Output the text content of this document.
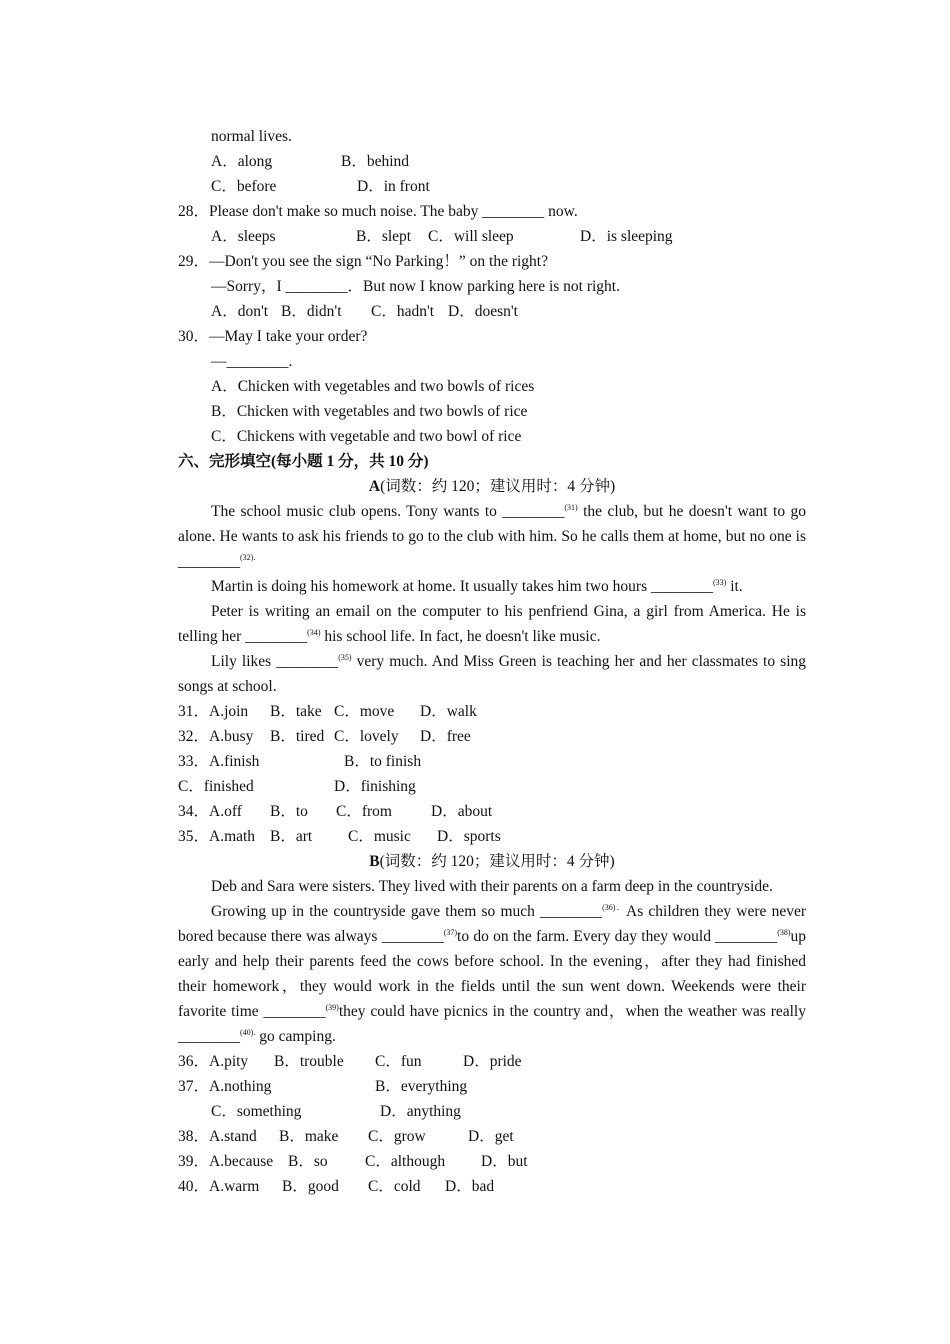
normal lives.
A．along	B．behind
C．before	D．in front
28．Please don't make so much noise. The baby ________ now.
A．sleeps	B．slept C．will sleep	D．is sleeping
29．—Don't you see the sign “No Parking！” on the right?
—Sorry，I ________．But now I know parking here is not right.
A．don't B．didn't C．hadn't D．doesn't
30．—May I take your order?
—________.
A．Chicken with vegetables and two bowls of rices
B．Chicken with vegetables and two bowls of rice
C．Chickens with vegetable and two bowl of rice
六、完形填空(每小题 1 分，共 10 分)
A(词数：约 120；建议用时：4 分钟)
The school music club opens. Tony wants to ________$^{(31)}$ the club, but he doesn't want to go alone. He wants to ask his friends to go to the club with him. So he calls them at home, but no one is ________$^{(32).}$
Martin is doing his homework at home. It usually takes him two hours ________$^{(33)}$ it.
Peter is writing an email on the computer to his penfriend Gina, a girl from America. He is telling her ________$^{(34)}$ his school life. In fact, he doesn't like music.
Lily likes ________$^{(35)}$ very much. And Miss Green is teaching her and her classmates to sing songs at school.
31．A.join B．take C．move D．walk
32．A.busy B．tired C．lovely D．free
33．A.finish	B．to finish
C．finished	D．finishing
34．A.off B．to C．from	D．about
35．A.math B．art C．music D．sports
B(词数：约 120；建议用时：4 分钟)
Deb and Sara were sisters. They lived with their parents on a farm deep in the countryside.
Growing up in the countryside gave them so much ________$^{(36).}$As children they were never bored because there was always ________$^{(37)}$to do on the farm. Every day they would ________$^{(38)}$up early and help their parents feed the cows before school. In the evening，after they had finished their homework，they would work in the fields until the sun went down. Weekends were their favorite time ________$^{(39)}$they could have picnics in the country and，when the weather was really ________$^{(40).}$ go camping.
36．A.pity B．trouble C．fun	D．pride
37．A.nothing	B．everything
C．something	D．anything
38．A.stand B．make C．grow	D．get
39．A.because B．so C．although D．but
40．A.warm B．good C．cold D．bad
